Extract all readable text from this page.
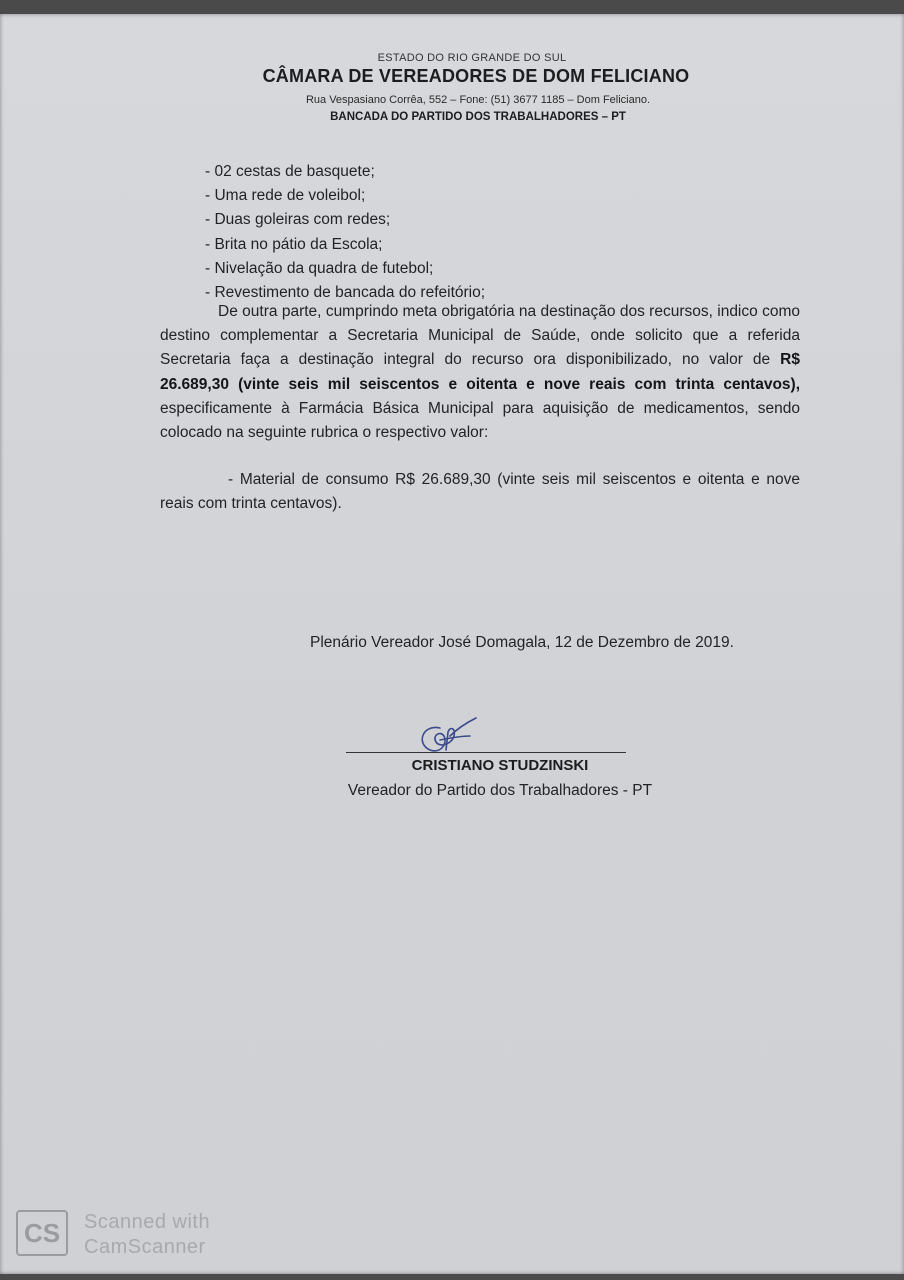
ESTADO DO RIO GRANDE DO SUL
CÂMARA DE VEREADORES DE DOM FELICIANO
Rua Vespasiano Corrêa, 552 – Fone: (51) 3677 1185 – Dom Feliciano.
BANCADA DO PARTIDO DOS TRABALHADORES – PT
- 02 cestas de basquete;
- Uma rede de voleibol;
- Duas goleiras com redes;
- Brita no pátio da Escola;
- Nivelação da quadra de futebol;
- Revestimento de bancada do refeitório;
De outra parte, cumprindo meta obrigatória na destinação dos recursos, indico como destino complementar a Secretaria Municipal de Saúde, onde solicito que a referida Secretaria faça a destinação integral do recurso ora disponibilizado, no valor de R$ 26.689,30 (vinte seis mil seiscentos e oitenta e nove reais com trinta centavos), especificamente à Farmácia Básica Municipal para aquisição de medicamentos, sendo colocado na seguinte rubrica o respectivo valor:
- Material de consumo R$ 26.689,30 (vinte seis mil seiscentos e oitenta e nove reais com trinta centavos).
Plenário Vereador José Domagala, 12 de Dezembro de 2019.
CRISTIANO STUDZINSKI
Vereador do Partido dos Trabalhadores - PT
CS	Scanned with
CamScanner
